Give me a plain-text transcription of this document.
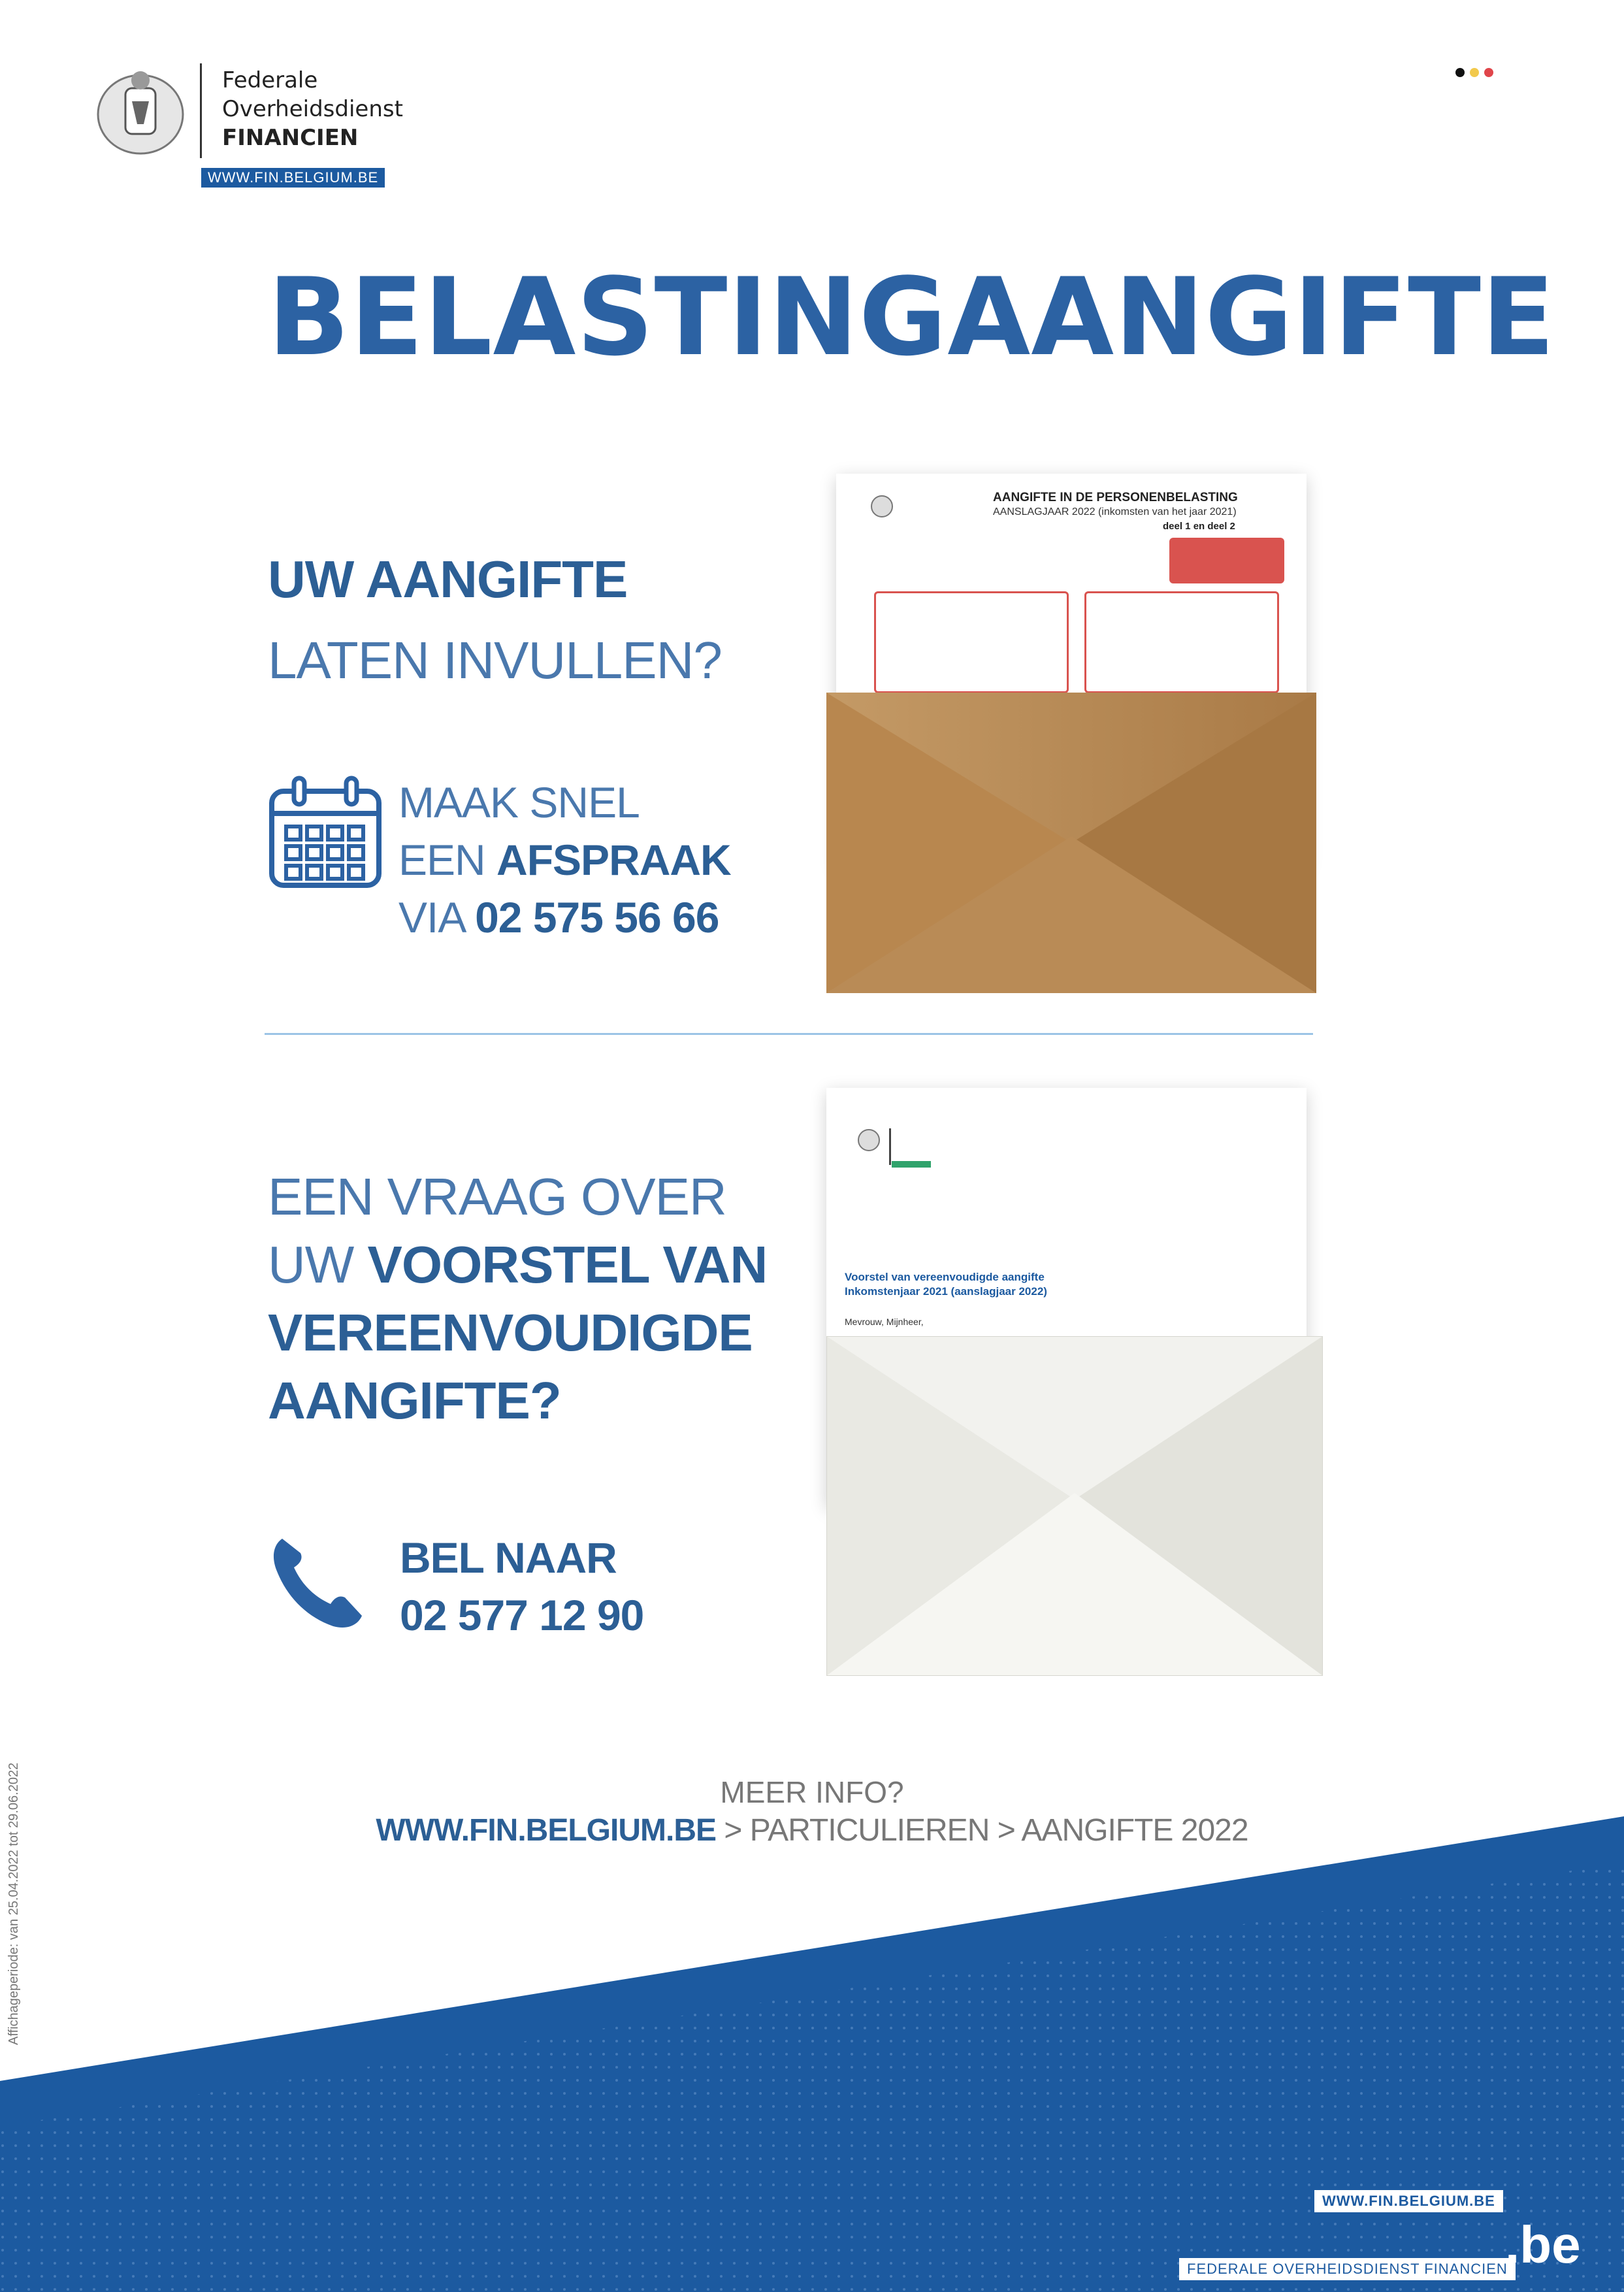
Federale
Overheidsdienst
FINANCIEN
WWW.FIN.BELGIUM.BE
BELASTINGAANGIFTE
UW AANGIFTE
LATEN INVULLEN?
MAAK SNEL
EEN AFSPRAAK
VIA 02 575 56 66
AANGIFTE IN DE PERSONENBELASTING
AANSLAGJAAR 2022 (inkomsten van het jaar 2021)
deel 1 en deel 2
EEN VRAAG OVER
UW VOORSTEL VAN
VEREENVOUDIGDE
AANGIFTE?
BEL NAAR
02 577 12 90
Voorstel van vereenvoudigde aangifte
Inkomstenjaar 2021 (aanslagjaar 2022)
Mevrouw, Mijnheer,
MEER INFO?
WWW.FIN.BELGIUM.BE > PARTICULIEREN > AANGIFTE 2022
Affichageperiode: van 25.04.2022 tot 29.06.2022
WWW.FIN.BELGIUM.BE
FEDERALE OVERHEIDSDIENST FINANCIEN
.be
